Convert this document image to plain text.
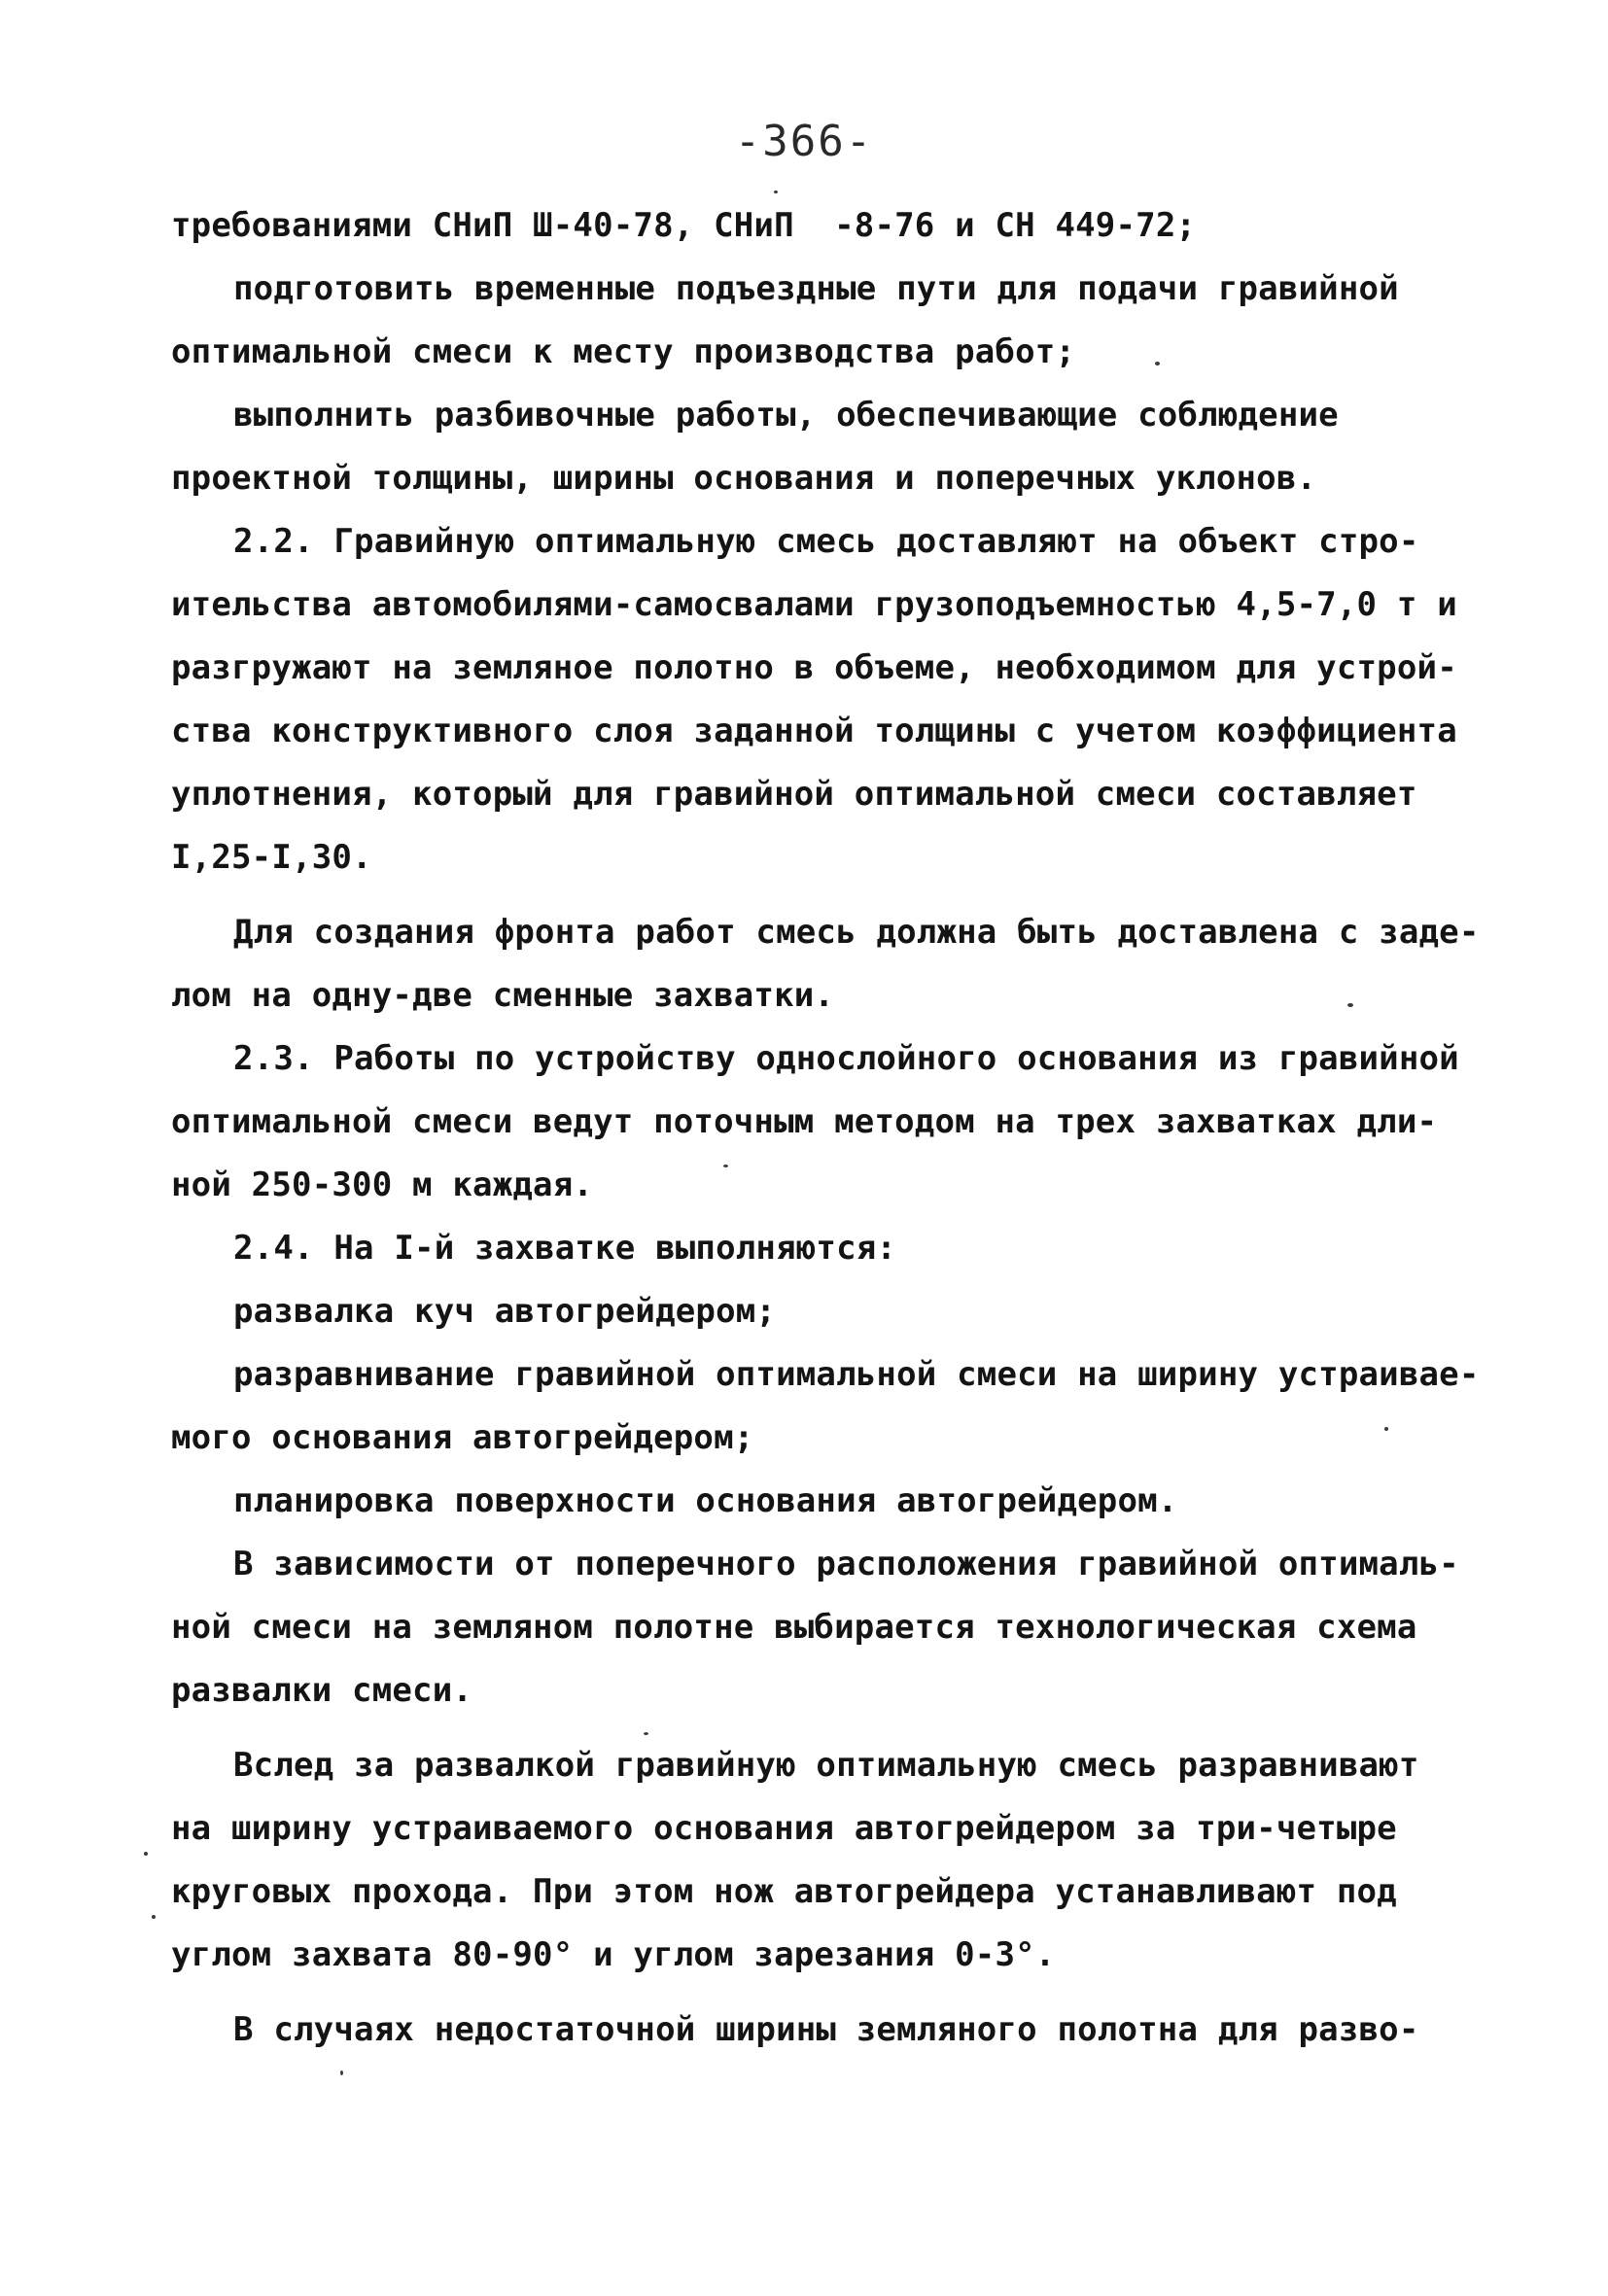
-366-
требованиями СНиП Ш-40-78, СНиП  -8-76 и СН 449-72;
подготовить временные подъездные пути для подачи гравийной
оптимальной смеси к месту производства работ;
выполнить разбивочные работы, обеспечивающие соблюдение
проектной толщины, ширины основания и поперечных уклонов.
2.2. Гравийную оптимальную смесь доставляют на объект стро-
ительства автомобилями-самосвалами грузоподъемностью 4,5-7,0 т и
разгружают на земляное полотно в объеме, необходимом для устрой-
ства конструктивного слоя заданной толщины с учетом коэффициента
уплотнения, который для гравийной оптимальной смеси составляет
I,25-I,30.
Для создания фронта работ смесь должна быть доставлена с заде-
лом на одну-две сменные захватки.
2.3. Работы по устройству однослойного основания из гравийной
оптимальной смеси ведут поточным методом на трех захватках дли-
ной 250-300 м каждая.
2.4. На I-й захватке выполняются:
развалка куч автогрейдером;
разравнивание гравийной оптимальной смеси на ширину устраивае-
мого основания автогрейдером;
планировка поверхности основания автогрейдером.
В зависимости от поперечного расположения гравийной оптималь-
ной смеси на земляном полотне выбирается технологическая схема
развалки смеси.
Вслед за развалкой гравийную оптимальную смесь разравнивают
на ширину устраиваемого основания автогрейдером за три-четыре
круговых прохода. При этом нож автогрейдера устанавливают под
углом захвата 80-90° и углом зарезания 0-3°.
В случаях недостаточной ширины земляного полотна для разво-
